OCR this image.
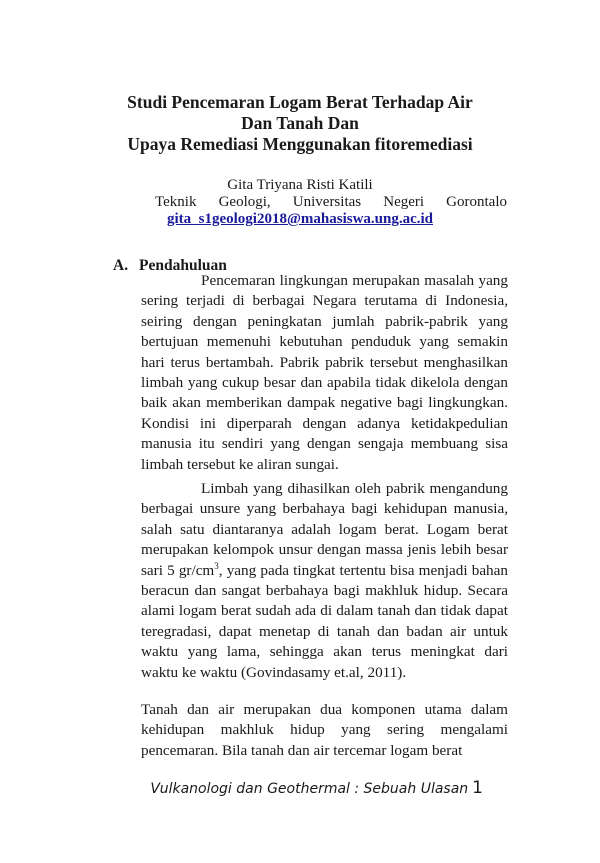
Studi Pencemaran Logam Berat Terhadap Air
Dan Tanah Dan
Upaya Remediasi Menggunakan fitoremediasi
Gita Triyana Risti Katili
Teknik Geologi, Universitas Negeri Gorontalo
gita_s1geologi2018@mahasiswa.ung.ac.id
A. Pendahuluan

Pencemaran lingkungan merupakan masalah yang sering terjadi di berbagai Negara terutama di Indonesia, seiring dengan peningkatan jumlah pabrik-pabrik yang bertujuan memenuhi kebutuhan penduduk yang semakin hari terus bertambah. Pabrik pabrik tersebut menghasilkan limbah yang cukup besar dan apabila tidak dikelola dengan baik akan memberikan dampak negative bagi lingkungkan. Kondisi ini diperparah dengan adanya ketidakpedulian manusia itu sendiri yang dengan sengaja membuang sisa limbah tersebut ke aliran sungai.

Limbah yang dihasilkan oleh pabrik mengandung berbagai unsure yang berbahaya bagi kehidupan manusia, salah satu diantaranya adalah logam berat. Logam berat merupakan kelompok unsur dengan massa jenis lebih besar sari 5 $gr/cm^3$, yang pada tingkat tertentu bisa menjadi bahan beracun dan sangat berbahaya bagi makhluk hidup. Secara alami logam berat sudah ada di dalam tanah dan tidak dapat teregradasi, dapat menetap di tanah dan badan air untuk waktu yang lama, sehingga akan terus meningkat dari waktu ke waktu (Govindasamy et.al, 2011).

Tanah dan air merupakan dua komponen utama dalam kehidupan makhluk hidup yang sering mengalami pencemaran. Bila tanah dan air tercemar logam berat

Vulkanologi dan Geothermal : Sebuah Ulasan 1
